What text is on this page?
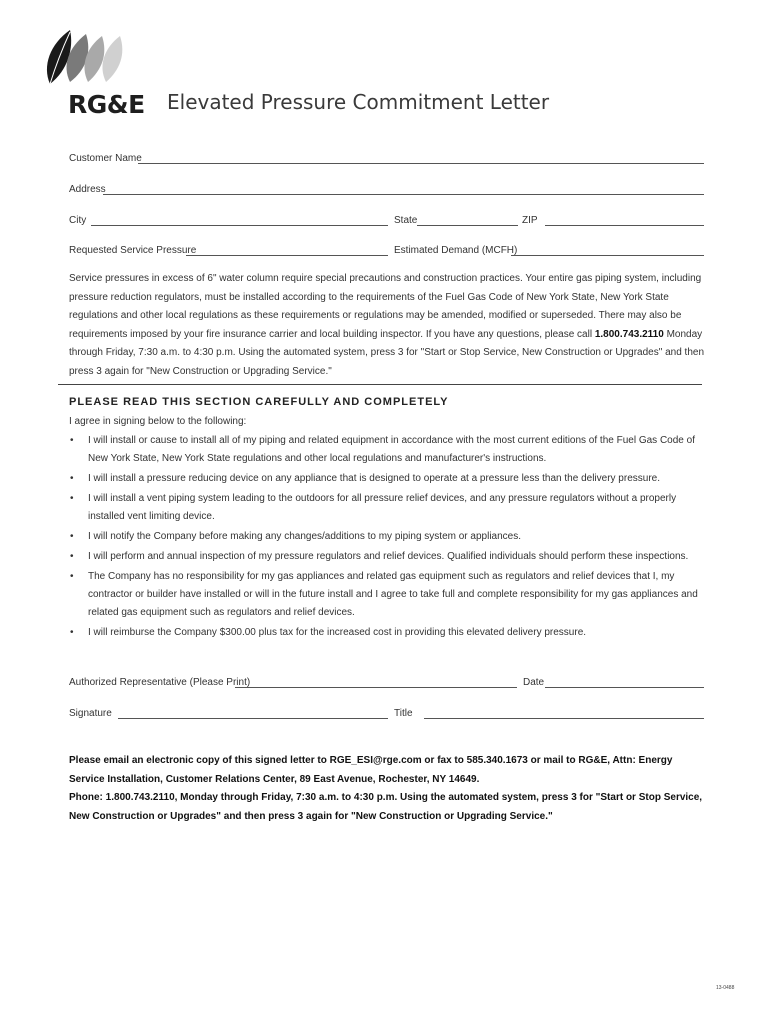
RG&E Elevated Pressure Commitment Letter
Customer Name
Address
City	State	ZIP
Requested Service Pressure	Estimated Demand (MCFH)
Service pressures in excess of 6" water column require special precautions and construction practices. Your entire gas piping system, including pressure reduction regulators, must be installed according to the requirements of the Fuel Gas Code of New York State, New York State regulations and other local regulations as these requirements or regulations may be amended, modified or superseded. There may also be requirements imposed by your fire insurance carrier and local building inspector. If you have any questions, please call 1.800.743.2110 Monday through Friday, 7:30 a.m. to 4:30 p.m. Using the automated system, press 3 for "Start or Stop Service, New Construction or Upgrades" and then press 3 again for "New Construction or Upgrading Service."
PLEASE READ THIS SECTION CAREFULLY AND COMPLETELY
I agree in signing below to the following:
• I will install or cause to install all of my piping and related equipment in accordance with the most current editions of the Fuel Gas Code of New York State, New York State regulations and other local regulations and manufacturer's instructions.
• I will install a pressure reducing device on any appliance that is designed to operate at a pressure less than the delivery pressure.
• I will install a vent piping system leading to the outdoors for all pressure relief devices, and any pressure regulators without a properly installed vent limiting device.
• I will notify the Company before making any changes/additions to my piping system or appliances.
• I will perform and annual inspection of my pressure regulators and relief devices. Qualified individuals should perform these inspections.
• The Company has no responsibility for my gas appliances and related gas equipment such as regulators and relief devices that I, my contractor or builder have installed or will in the future install and I agree to take full and complete responsibility for my gas appliances and related gas equipment such as regulators and relief devices.
• I will reimburse the Company $300.00 plus tax for the increased cost in providing this elevated delivery pressure.
Authorized Representative (Please Print)	Date
Signature	Title
Please email an electronic copy of this signed letter to RGE_ESI@rge.com or fax to 585.340.1673 or mail to RG&E, Attn: Energy Service Installation, Customer Relations Center, 89 East Avenue, Rochester, NY 14649.
Phone: 1.800.743.2110, Monday through Friday, 7:30 a.m. to 4:30 p.m. Using the automated system, press 3 for "Start or Stop Service, New Construction or Upgrades" and then press 3 again for "New Construction or Upgrading Service."
13-0488
